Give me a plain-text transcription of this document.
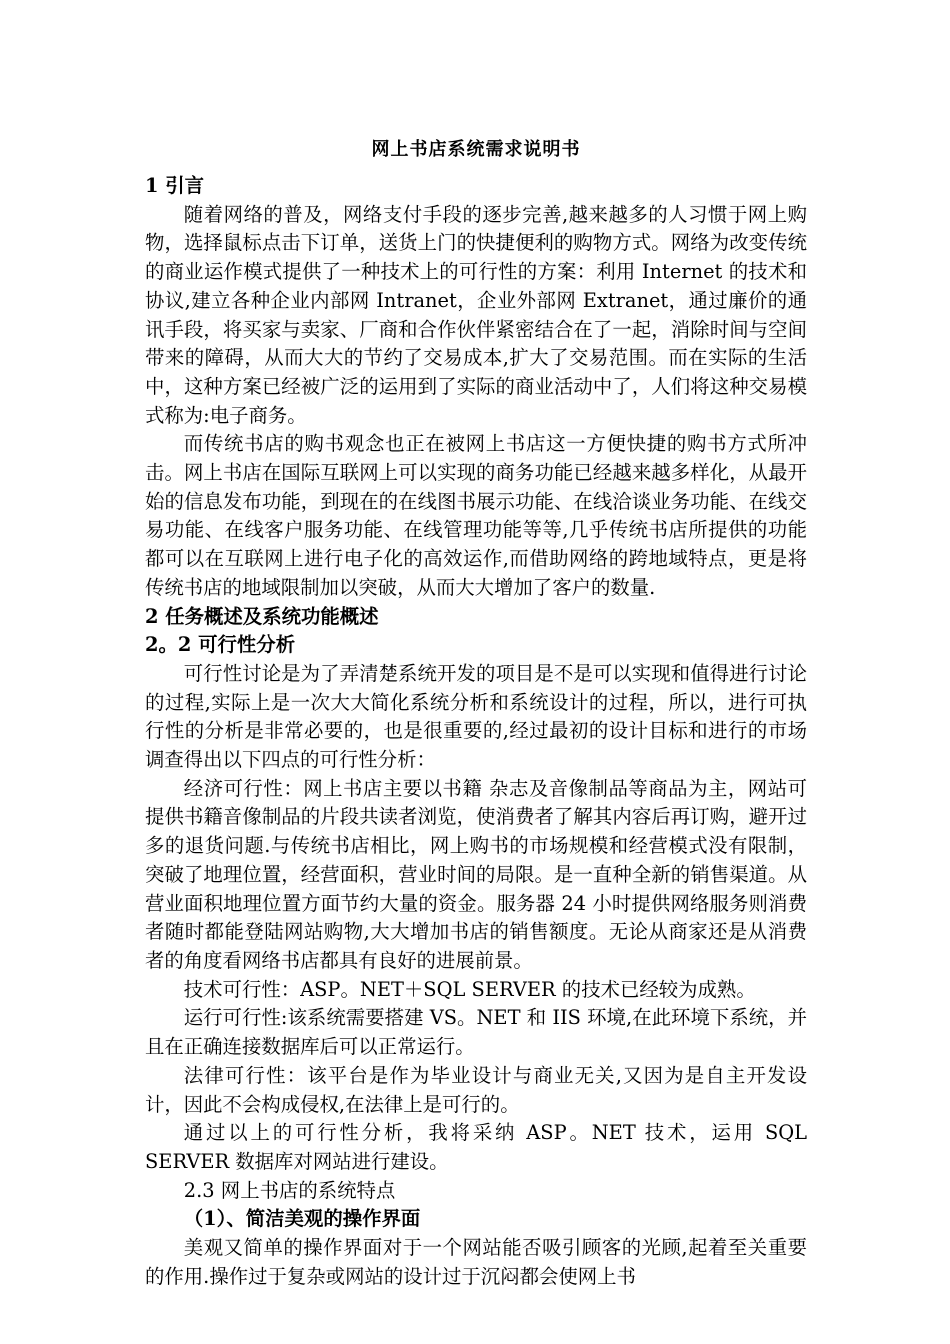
网上书店系统需求说明书
1 引言

随着网络的普及，网络支付手段的逐步完善,越来越多的人习惯于网上购物，选择鼠标点击下订单，送货上门的快捷便利的购物方式。网络为改变传统的商业运作模式提供了一种技术上的可行性的方案：利用 Internet 的技术和协议,建立各种企业内部网 Intranet，企业外部网 Extranet，通过廉价的通讯手段，将买家与卖家、厂商和合作伙伴紧密结合在了一起，消除时间与空间带来的障碍，从而大大的节约了交易成本,扩大了交易范围。而在实际的生活中，这种方案已经被广泛的运用到了实际的商业活动中了，人们将这种交易模式称为:电子商务。

而传统书店的购书观念也正在被网上书店这一方便快捷的购书方式所冲击。网上书店在国际互联网上可以实现的商务功能已经越来越多样化，从最开始的信息发布功能，到现在的在线图书展示功能、在线洽谈业务功能、在线交易功能、在线客户服务功能、在线管理功能等等,几乎传统书店所提供的功能都可以在互联网上进行电子化的高效运作,而借助网络的跨地域特点，更是将传统书店的地域限制加以突破，从而大大增加了客户的数量.

2 任务概述及系统功能概述
2。2 可行性分析

可行性讨论是为了弄清楚系统开发的项目是不是可以实现和值得进行讨论的过程,实际上是一次大大简化系统分析和系统设计的过程，所以，进行可执行性的分析是非常必要的，也是很重要的,经过最初的设计目标和进行的市场调查得出以下四点的可行性分析：

经济可行性：网上书店主要以书籍 杂志及音像制品等商品为主，网站可提供书籍音像制品的片段共读者浏览，使消费者了解其内容后再订购，避开过多的退货问题.与传统书店相比，网上购书的市场规模和经营模式没有限制，突破了地理位置，经营面积，营业时间的局限。是一直种全新的销售渠道。从营业面积地理位置方面节约大量的资金。服务器 24 小时提供网络服务则消费者随时都能登陆网站购物,大大增加书店的销售额度。无论从商家还是从消费者的角度看网络书店都具有良好的进展前景。

技术可行性：ASP。NET＋SQL SERVER 的技术已经较为成熟。

运行可行性:该系统需要搭建 VS。NET 和 IIS 环境,在此环境下系统，并且在正确连接数据库后可以正常运行。

法律可行性：该平台是作为毕业设计与商业无关,又因为是自主开发设计，因此不会构成侵权,在法律上是可行的。

通过以上的可行性分析，我将采纳 ASP。NET 技术，运用 SQL SERVER 数据库对网站进行建设。

2.3 网上书店的系统特点

（1）、简洁美观的操作界面

美观又简单的操作界面对于一个网站能否吸引顾客的光顾,起着至关重要的作用.操作过于复杂或网站的设计过于沉闷都会使网上书
